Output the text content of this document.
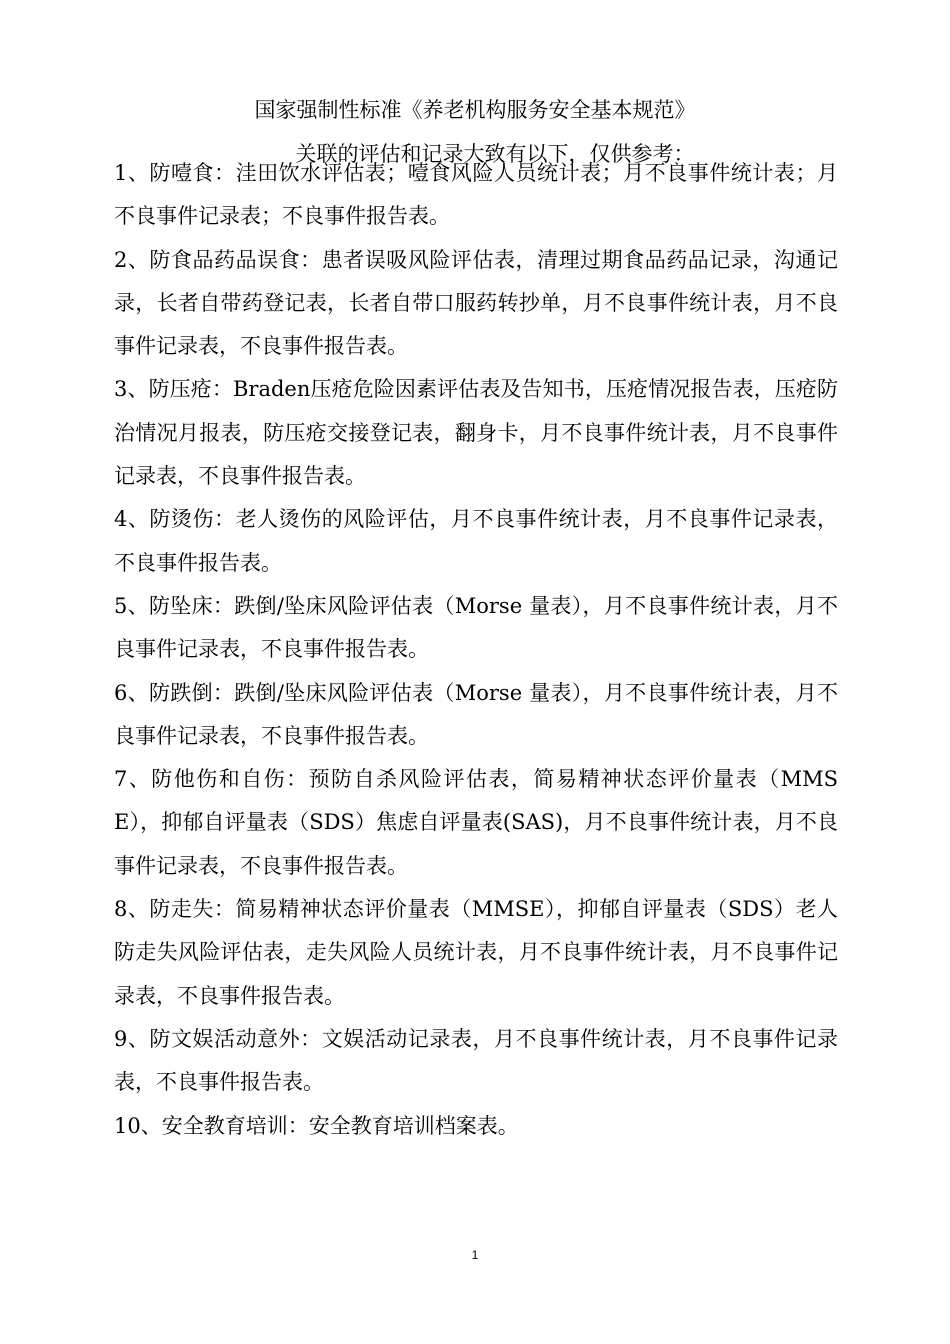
国家强制性标准《养老机构服务安全基本规范》
关联的评估和记录大致有以下，仅供参考：

1、防噎食：洼田饮水评估表；噎食风险人员统计表；月不良事件统计表；月不良事件记录表；不良事件报告表。

2、防食品药品误食：患者误吸风险评估表，清理过期食品药品记录，沟通记录，长者自带药登记表，长者自带口服药转抄单，月不良事件统计表，月不良事件记录表，不良事件报告表。

3、防压疮：Braden压疮危险因素评估表及告知书，压疮情况报告表，压疮防治情况月报表，防压疮交接登记表，翻身卡，月不良事件统计表，月不良事件记录表，不良事件报告表。

4、防烫伤：老人烫伤的风险评估，月不良事件统计表，月不良事件记录表，不良事件报告表。

5、防坠床：跌倒/坠床风险评估表（Morse 量表），月不良事件统计表，月不良事件记录表，不良事件报告表。

6、防跌倒：跌倒/坠床风险评估表（Morse 量表），月不良事件统计表，月不良事件记录表，不良事件报告表。

7、防他伤和自伤：预防自杀风险评估表，简易精神状态评价量表（MMSE），抑郁自评量表（SDS）焦虑自评量表(SAS)，月不良事件统计表，月不良事件记录表，不良事件报告表。

8、防走失：简易精神状态评价量表（MMSE），抑郁自评量表（SDS）老人防走失风险评估表，走失风险人员统计表，月不良事件统计表，月不良事件记录表，不良事件报告表。

9、防文娱活动意外：文娱活动记录表，月不良事件统计表，月不良事件记录表，不良事件报告表。

10、安全教育培训：安全教育培训档案表。

1
